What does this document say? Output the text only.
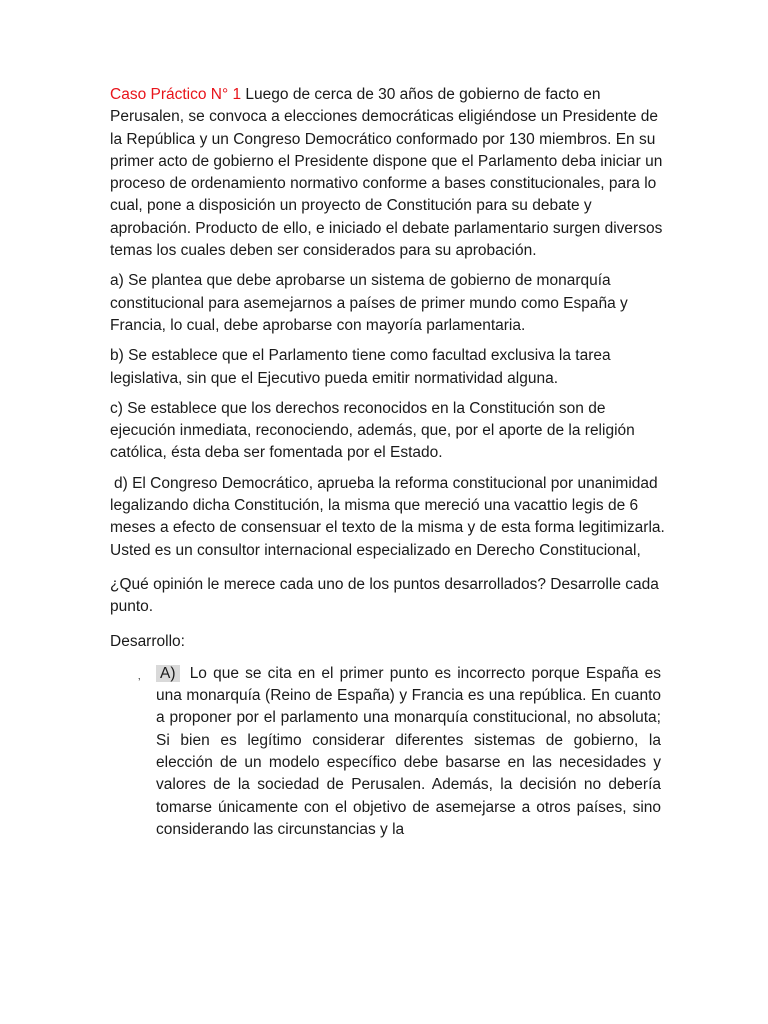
Caso Práctico N° 1 Luego de cerca de 30 años de gobierno de facto en Perusalen, se convoca a elecciones democráticas eligiéndose un Presidente de la República y un Congreso Democrático conformado por 130 miembros. En su primer acto de gobierno el Presidente dispone que el Parlamento deba iniciar un proceso de ordenamiento normativo conforme a bases constitucionales, para lo cual, pone a disposición un proyecto de Constitución para su debate y aprobación. Producto de ello, e iniciado el debate parlamentario surgen diversos temas los cuales deben ser considerados para su aprobación.

a) Se plantea que debe aprobarse un sistema de gobierno de monarquía constitucional para asemejarnos a países de primer mundo como España y Francia, lo cual, debe aprobarse con mayoría parlamentaria.

b) Se establece que el Parlamento tiene como facultad exclusiva la tarea legislativa, sin que el Ejecutivo pueda emitir normatividad alguna.

c) Se establece que los derechos reconocidos en la Constitución son de ejecución inmediata, reconociendo, además, que, por el aporte de la religión católica, ésta deba ser fomentada por el Estado.

d) El Congreso Democrático, aprueba la reforma constitucional por unanimidad legalizando dicha Constitución, la misma que mereció una vacattio legis de 6 meses a efecto de consensuar el texto de la misma y de esta forma legitimizarla. Usted es un consultor internacional especializado en Derecho Constitucional,

¿Qué opinión le merece cada uno de los puntos desarrollados? Desarrolle cada punto.

Desarrollo:

‚ A) Lo que se cita en el primer punto es incorrecto porque España es una monarquía (Reino de España) y Francia es una república. En cuanto a proponer por el parlamento una monarquía constitucional, no absoluta; Si bien es legítimo considerar diferentes sistemas de gobierno, la elección de un modelo específico debe basarse en las necesidades y valores de la sociedad de Perusalen. Además, la decisión no debería tomarse únicamente con el objetivo de asemejarse a otros países, sino considerando las circunstancias y la
